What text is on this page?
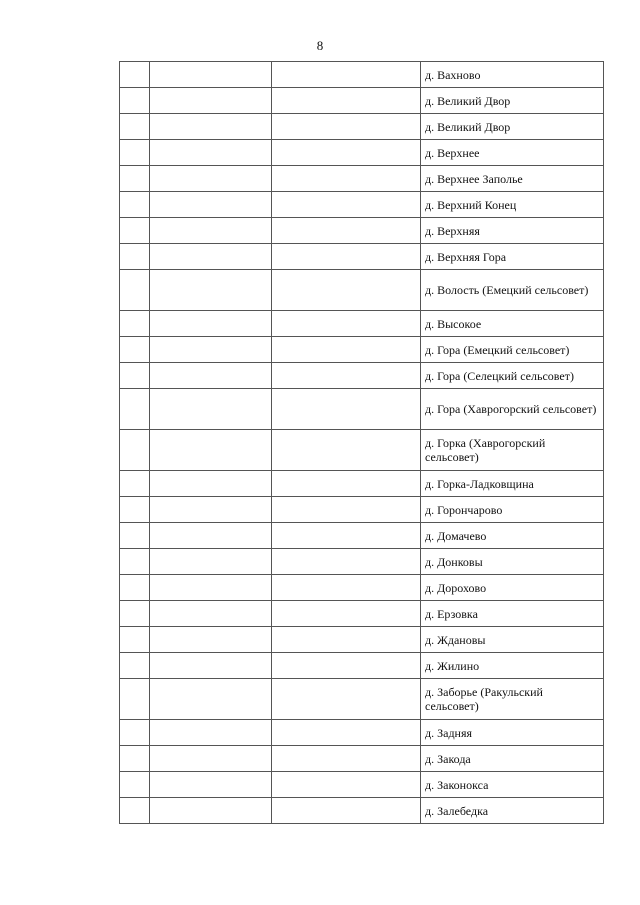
8
			д. Вахново
			д. Великий Двор
			д. Великий Двор
			д. Верхнее
			д. Верхнее Заполье
			д. Верхний Конец
			д. Верхняя
			д. Верхняя Гора
			д. Волость (Емецкий сельсовет)
			д. Высокое
			д. Гора (Емецкий сельсовет)
			д. Гора (Селецкий сельсовет)
			д. Гора (Хаврогорский сельсовет)
			д. Горка (Хаврогорский сельсовет)
			д. Горка-Ладковщина
			д. Горончарово
			д. Домачево
			д. Донковы
			д. Дорохово
			д. Ерзовка
			д. Ждановы
			д. Жилино
			д. Заборье (Ракульский сельсовет)
			д. Задняя
			д. Закода
			д. Законокса
			д. Залебедка
